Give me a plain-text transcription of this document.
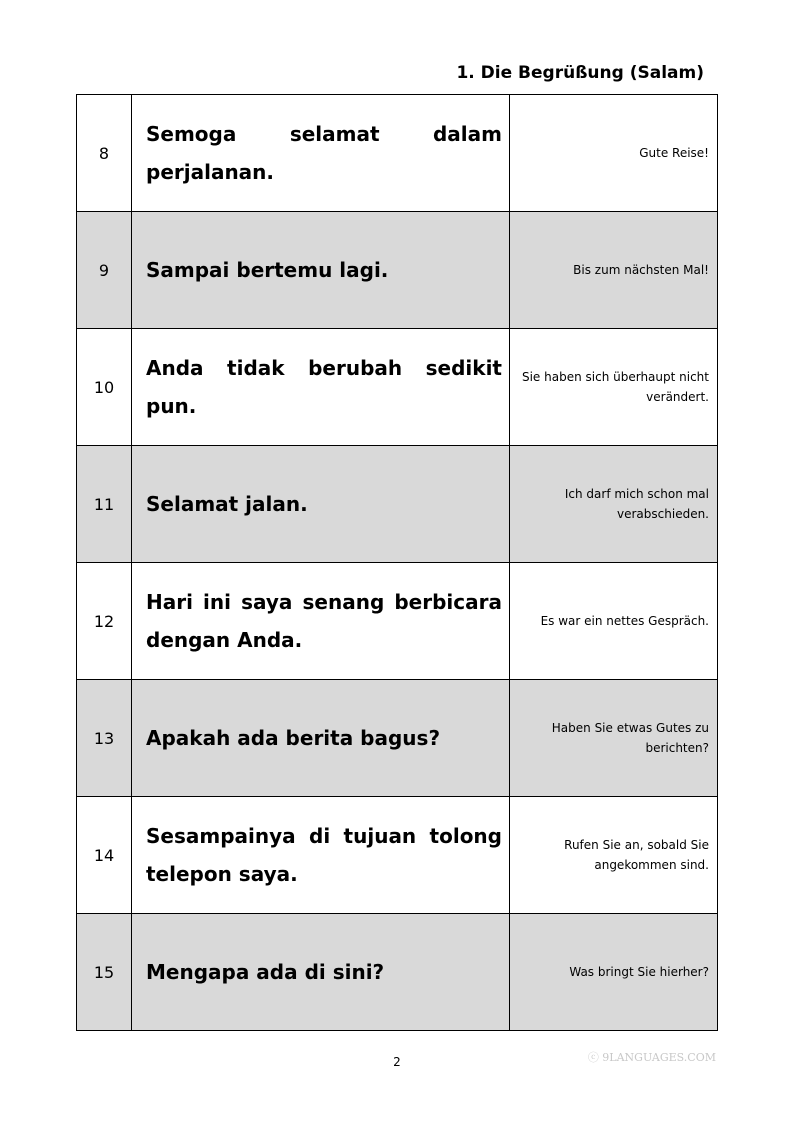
1. Die Begrüßung (Salam)
8	Semoga selamat dalam perjalanan.	Gute Reise!
9	Sampai bertemu lagi.	Bis zum nächsten Mal!
10	Anda tidak berubah sedikit pun.	Sie haben sich überhaupt nicht verändert.
11	Selamat jalan.	Ich darf mich schon mal verabschieden.
12	Hari ini saya senang berbicara dengan Anda.	Es war ein nettes Gespräch.
13	Apakah ada berita bagus?	Haben Sie etwas Gutes zu berichten?
14	Sesampainya di tujuan tolong telepon saya.	Rufen Sie an, sobald Sie angekommen sind.
15	Mengapa ada di sini?	Was bringt Sie hierher?
ⓒ 9LANGUAGES.COM
2
